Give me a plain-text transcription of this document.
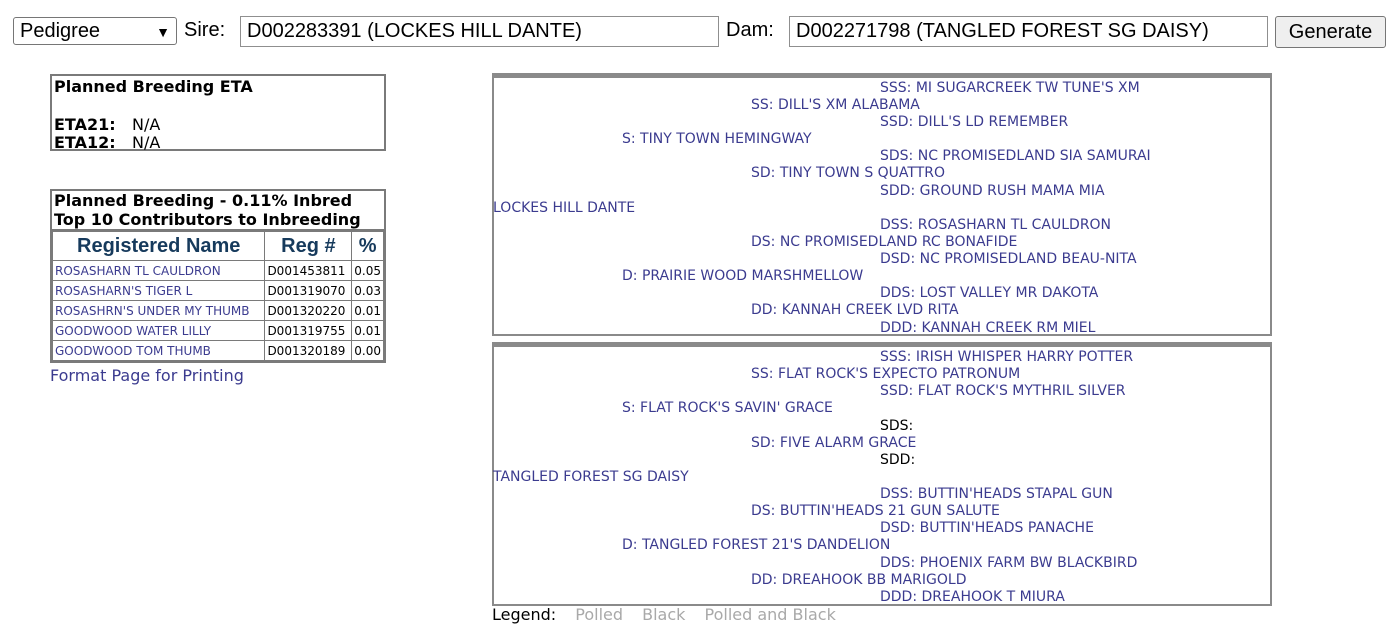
Pedigree	▼ Sire:	D002283391 (LOCKES HILL DANTE)	Dam:	D002271798 (TANGLED FOREST SG DAISY)	Generate
Planned Breeding ETA
ETA21: N/A
ETA12: N/A
Planned Breeding - 0.11% Inbred
Top 10 Contributors to Inbreeding
Registered Name	Reg #	%
ROSASHARN TL CAULDRON	D001453811	0.05
ROSASHARN'S TIGER L	D001319070	0.03
ROSASHRN'S UNDER MY THUMB	D001320220	0.01
GOODWOOD WATER LILLY	D001319755	0.01
GOODWOOD TOM THUMB	D001320189	0.00
Format Page for Printing
SSS: MI SUGARCREEK TW TUNE'S XM
SS: DILL'S XM ALABAMA
SSD: DILL'S LD REMEMBER
S: TINY TOWN HEMINGWAY
SDS: NC PROMISEDLAND SIA SAMURAI
SD: TINY TOWN S QUATTRO
SDD: GROUND RUSH MAMA MIA
LOCKES HILL DANTE
DSS: ROSASHARN TL CAULDRON
DS: NC PROMISEDLAND RC BONAFIDE
DSD: NC PROMISEDLAND BEAU-NITA
D: PRAIRIE WOOD MARSHMELLOW
DDS: LOST VALLEY MR DAKOTA
DD: KANNAH CREEK LVD RITA
DDD: KANNAH CREEK RM MIEL
SSS: IRISH WHISPER HARRY POTTER
SS: FLAT ROCK'S EXPECTO PATRONUM
SSD: FLAT ROCK'S MYTHRIL SILVER
S: FLAT ROCK'S SAVIN' GRACE
SDS:
SD: FIVE ALARM GRACE
SDD:
TANGLED FOREST SG DAISY
DSS: BUTTIN'HEADS STAPAL GUN
DS: BUTTIN'HEADS 21 GUN SALUTE
DSD: BUTTIN'HEADS PANACHE
D: TANGLED FOREST 21'S DANDELION
DDS: PHOENIX FARM BW BLACKBIRD
DD: DREAHOOK BB MARIGOLD
DDD: DREAHOOK T MIURA
Legend: Polled Black Polled and Black
